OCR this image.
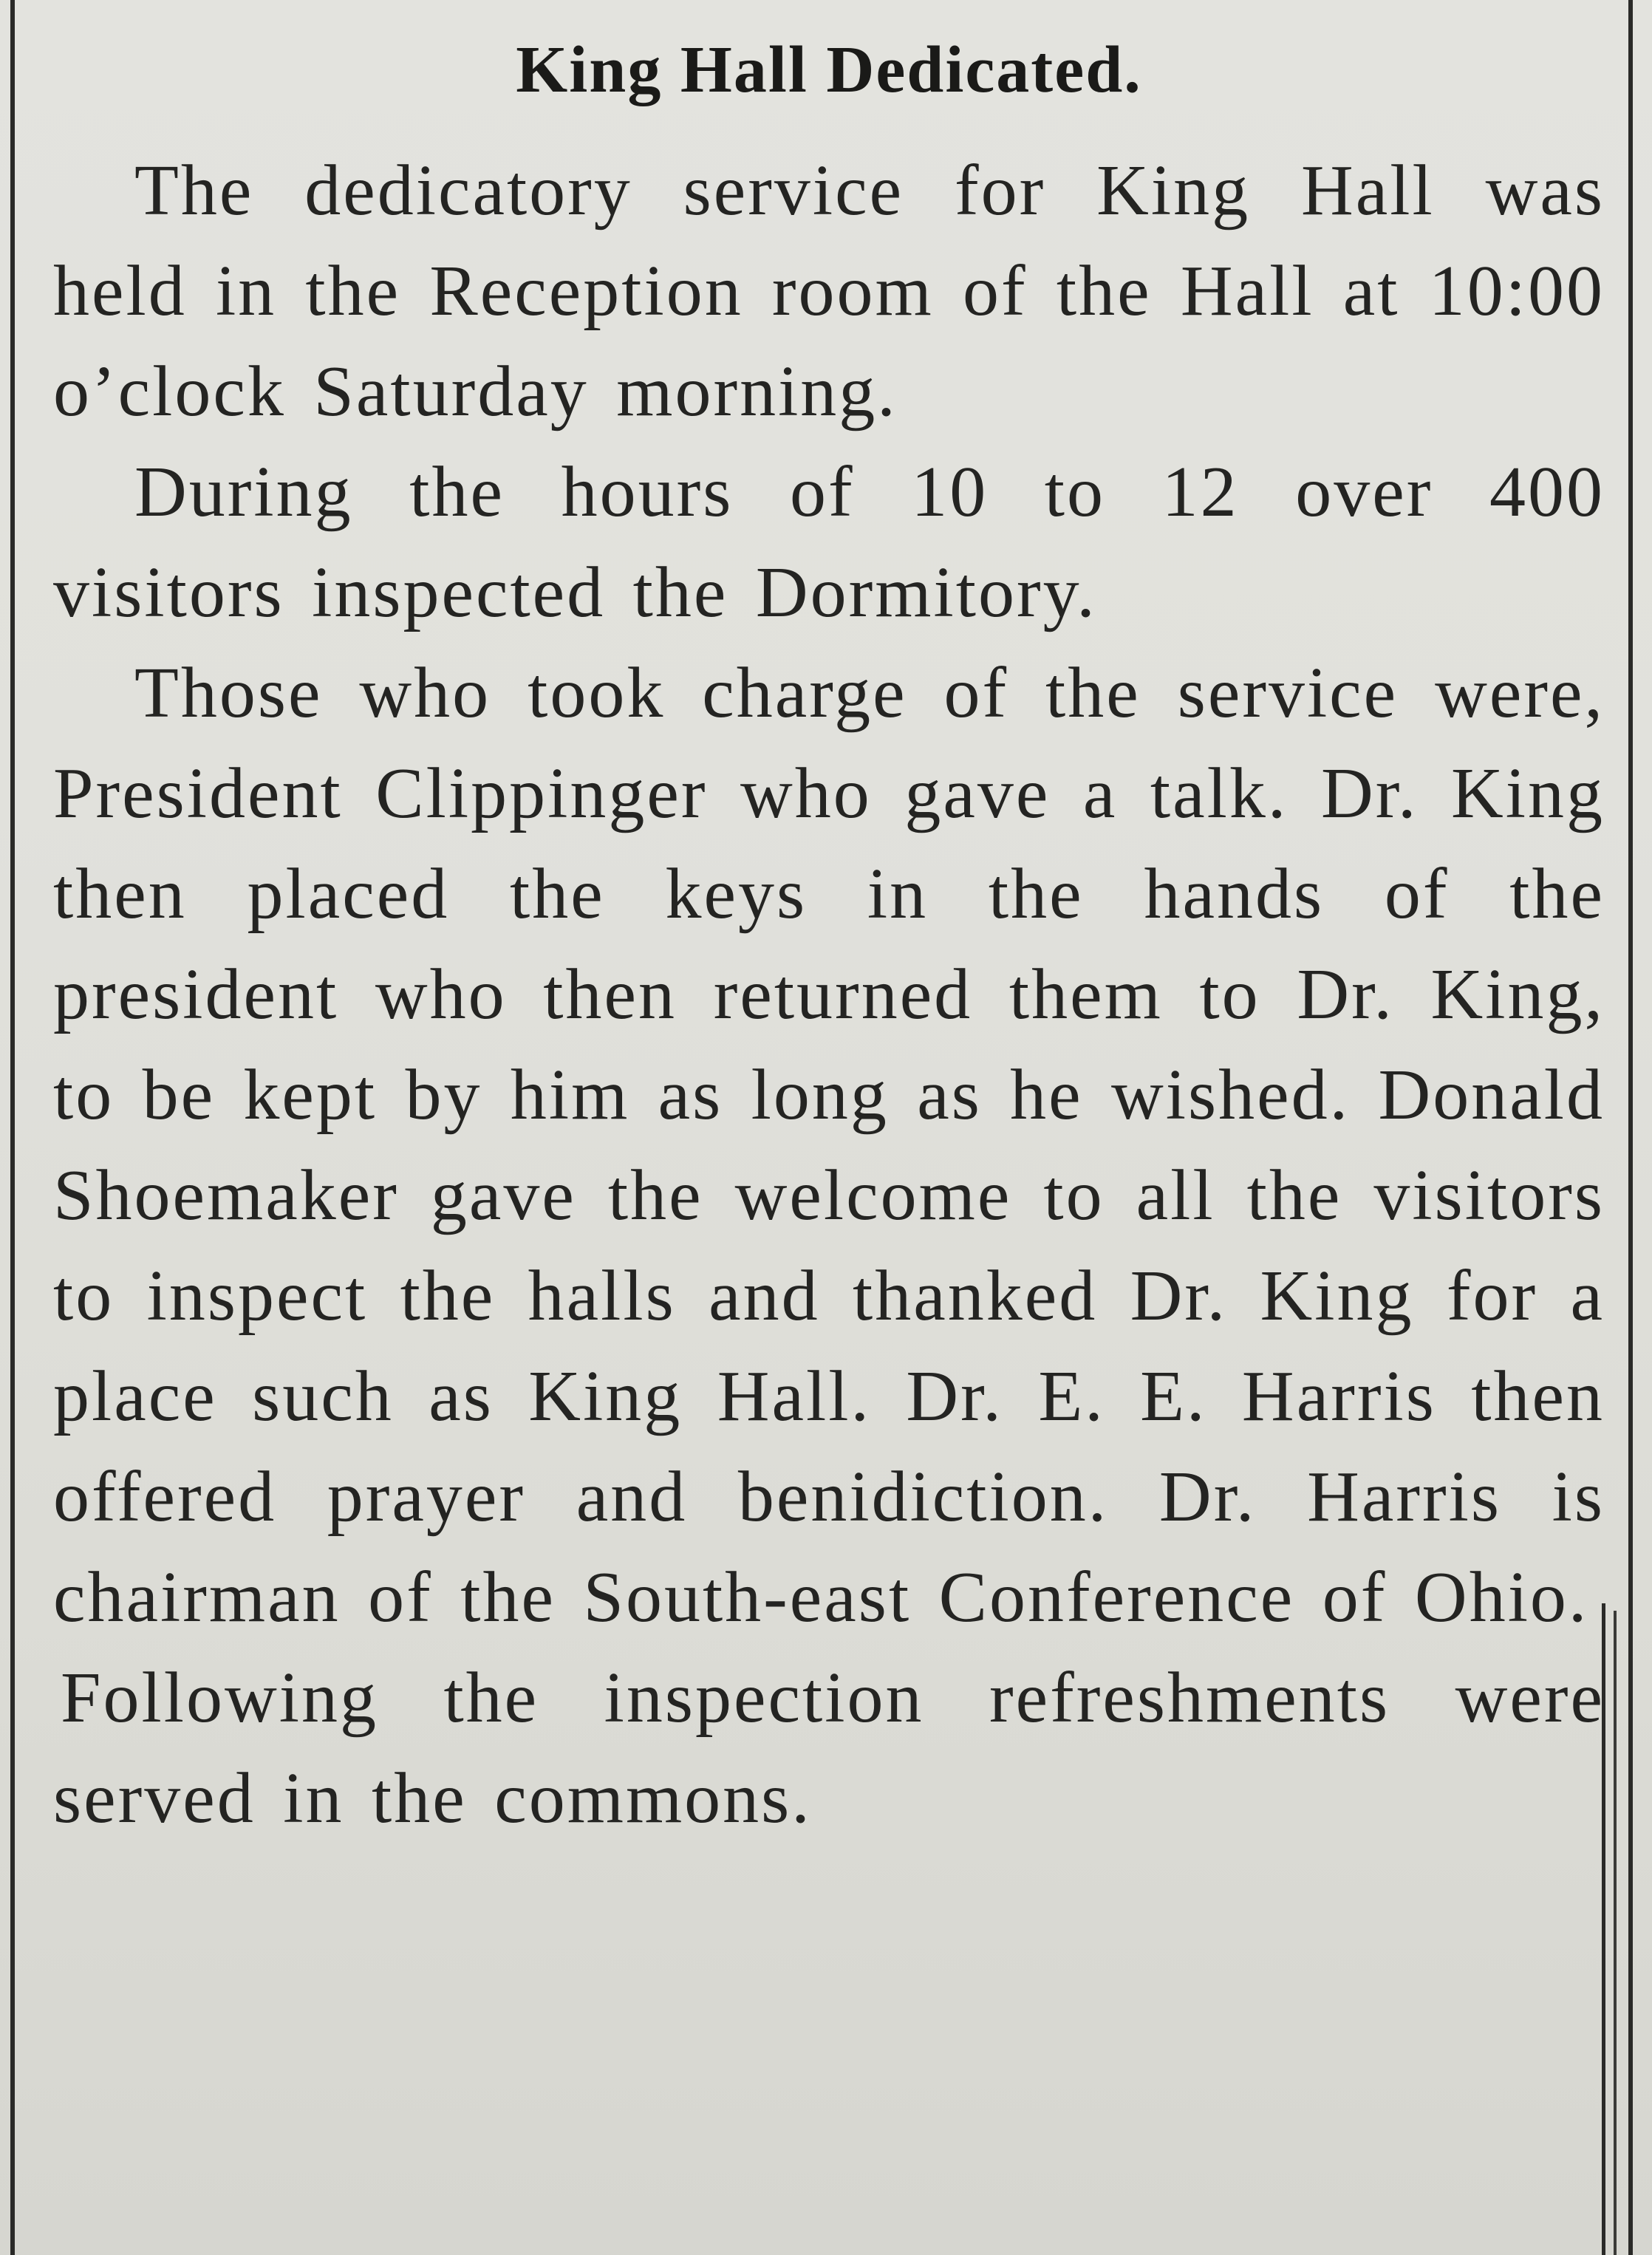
King Hall Dedicated.

The dedicatory service for King Hall was held in the Reception room of the Hall at 10:00 o’clock Saturday morning.

During the hours of 10 to 12 over 400 visitors inspected the Dormitory.

Those who took charge of the service were, President Clippinger who gave a talk. Dr. King then placed the keys in the hands of the president who then returned them to Dr. King, to be kept by him as long as he wished. Donald Shoemaker gave the welcome to all the visitors to inspect the halls and thanked Dr. King for a place such as King Hall. Dr. E. E. Harris then offered prayer and benidiction. Dr. Harris is chairman of the South-east Conference of Ohio.

Following the inspection refreshments were served in the commons.
